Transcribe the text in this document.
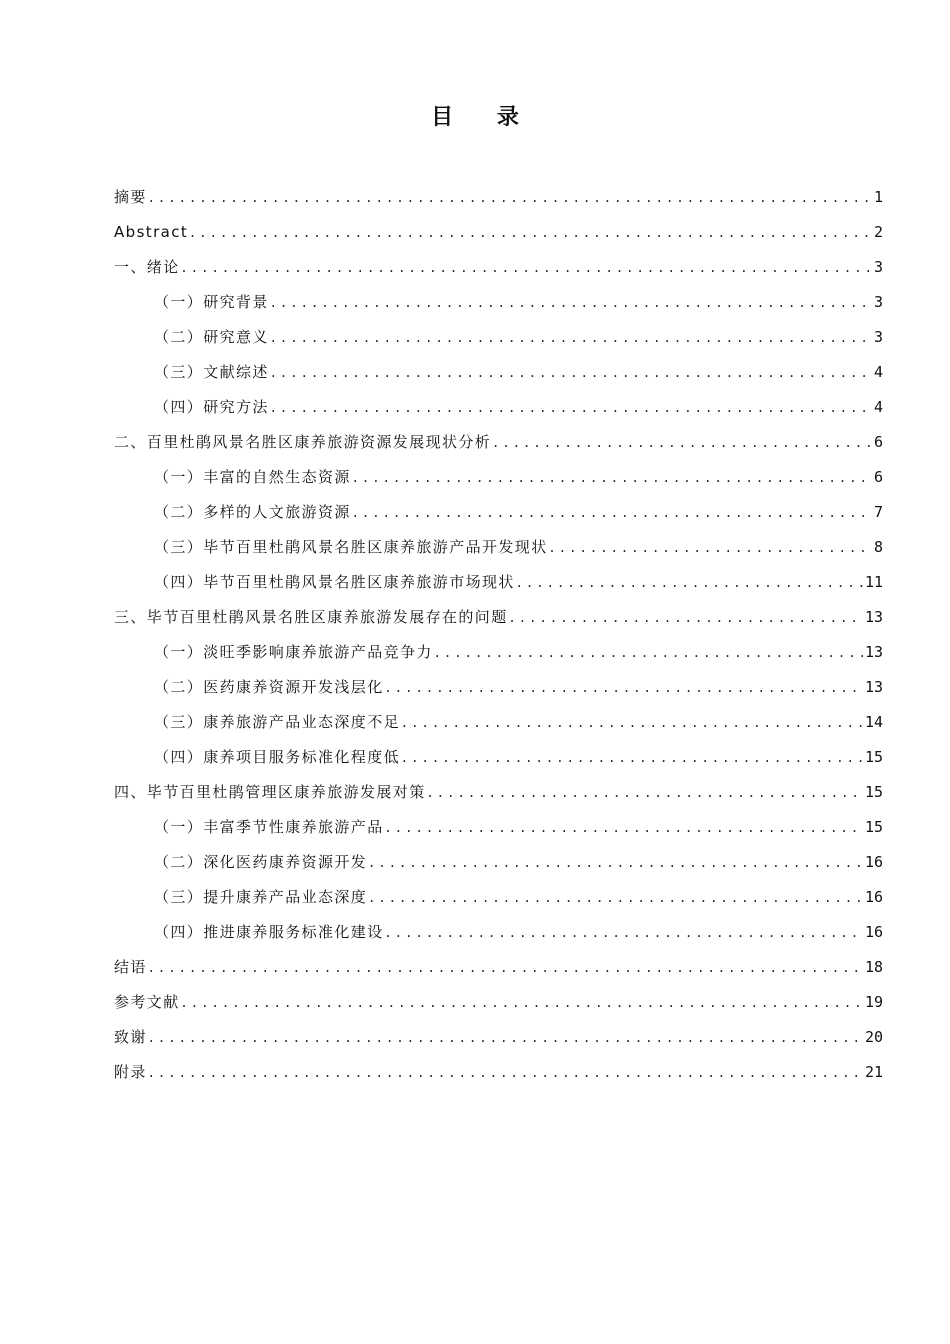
目 录
摘要 .....	1
Abstract .....	2
一、绪论 .....	3
（一）研究背景 .....	3
（二）研究意义 .....	3
（三）文献综述 .....	4
（四）研究方法 .....	4
二、百里杜鹃风景名胜区康养旅游资源发展现状分析 .....	6
（一）丰富的自然生态资源 .....	6
（二）多样的人文旅游资源 .....	7
（三）毕节百里杜鹃风景名胜区康养旅游产品开发现状 .....	8
（四）毕节百里杜鹃风景名胜区康养旅游市场现状 .....	11
三、毕节百里杜鹃风景名胜区康养旅游发展存在的问题 .....	13
（一）淡旺季影响康养旅游产品竞争力 .....	13
（二）医药康养资源开发浅层化 .....	13
（三）康养旅游产品业态深度不足 .....	14
（四）康养项目服务标准化程度低 .....	15
四、毕节百里杜鹃管理区康养旅游发展对策 .....	15
（一）丰富季节性康养旅游产品 .....	15
（二）深化医药康养资源开发 .....	16
（三）提升康养产品业态深度 .....	16
（四）推进康养服务标准化建设 .....	16
结语 .....	18
参考文献 .....	19
致谢 .....	20
附录 .....	21
